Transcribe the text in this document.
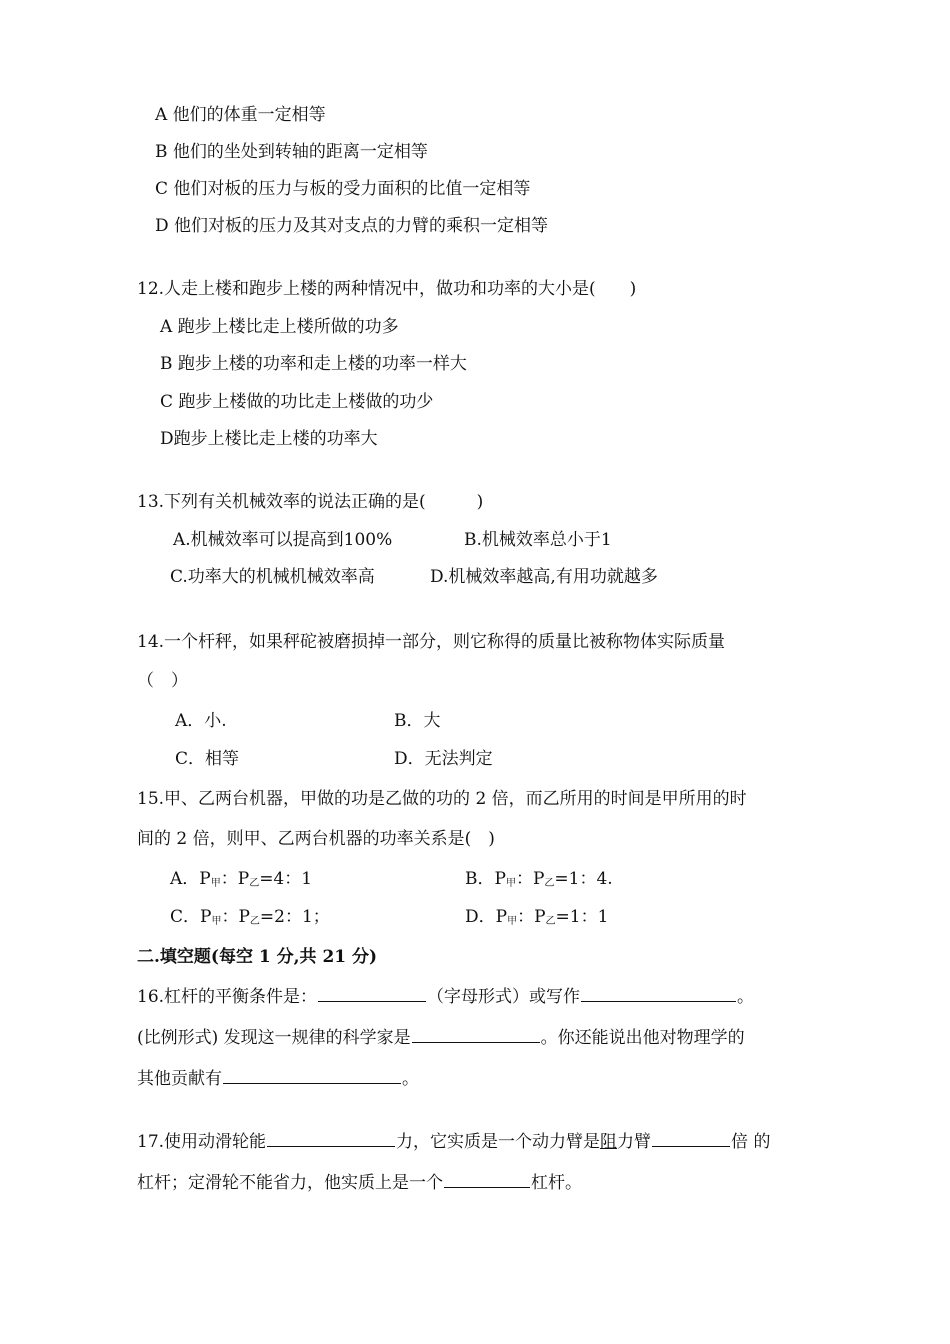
A 他们的体重一定相等
B 他们的坐处到转轴的距离一定相等
C 他们对板的压力与板的受力面积的比值一定相等
D 他们对板的压力及其对支点的力臂的乘积一定相等
12.人走上楼和跑步上楼的两种情况中，做功和功率的大小是(　　)
A 跑步上楼比走上楼所做的功多
B 跑步上楼的功率和走上楼的功率一样大
C 跑步上楼做的功比走上楼做的功少
D跑步上楼比走上楼的功率大
13.下列有关机械效率的说法正确的是(　　　)
A.机械效率可以提高到100%	B.机械效率总小于1
C.功率大的机械机械效率高	D.机械效率越高,有用功就越多
14.一个杆秤，如果秤砣被磨损掉一部分，则它称得的质量比被称物体实际质量
（　）
A．小.	B．大
C．相等	D．无法判定
15.甲、乙两台机器，甲做的功是乙做的功的 2 倍，而乙所用的时间是甲所用的时
间的 2 倍，则甲、乙两台机器的功率关系是(　)
A．$P_甲$：$P_乙=4$：1	B．$P_甲$：$P_乙=1$：4.
C．$P_甲$：$P_乙=2$：1；	D．$P_甲$：$P_乙=1$：1
二.填空题(每空 1 分,共 21 分)
16.杠杆的平衡条件是：	（字母形式）或写作	。
(比例形式) 发现这一规律的科学家是	。你还能说出他对物理学的
其他贡献有	。
17.使用动滑轮能	力，它实质是一个动力臂是阻力臂	倍 的
杠杆；定滑轮不能省力，他实质上是一个	杠杆。
